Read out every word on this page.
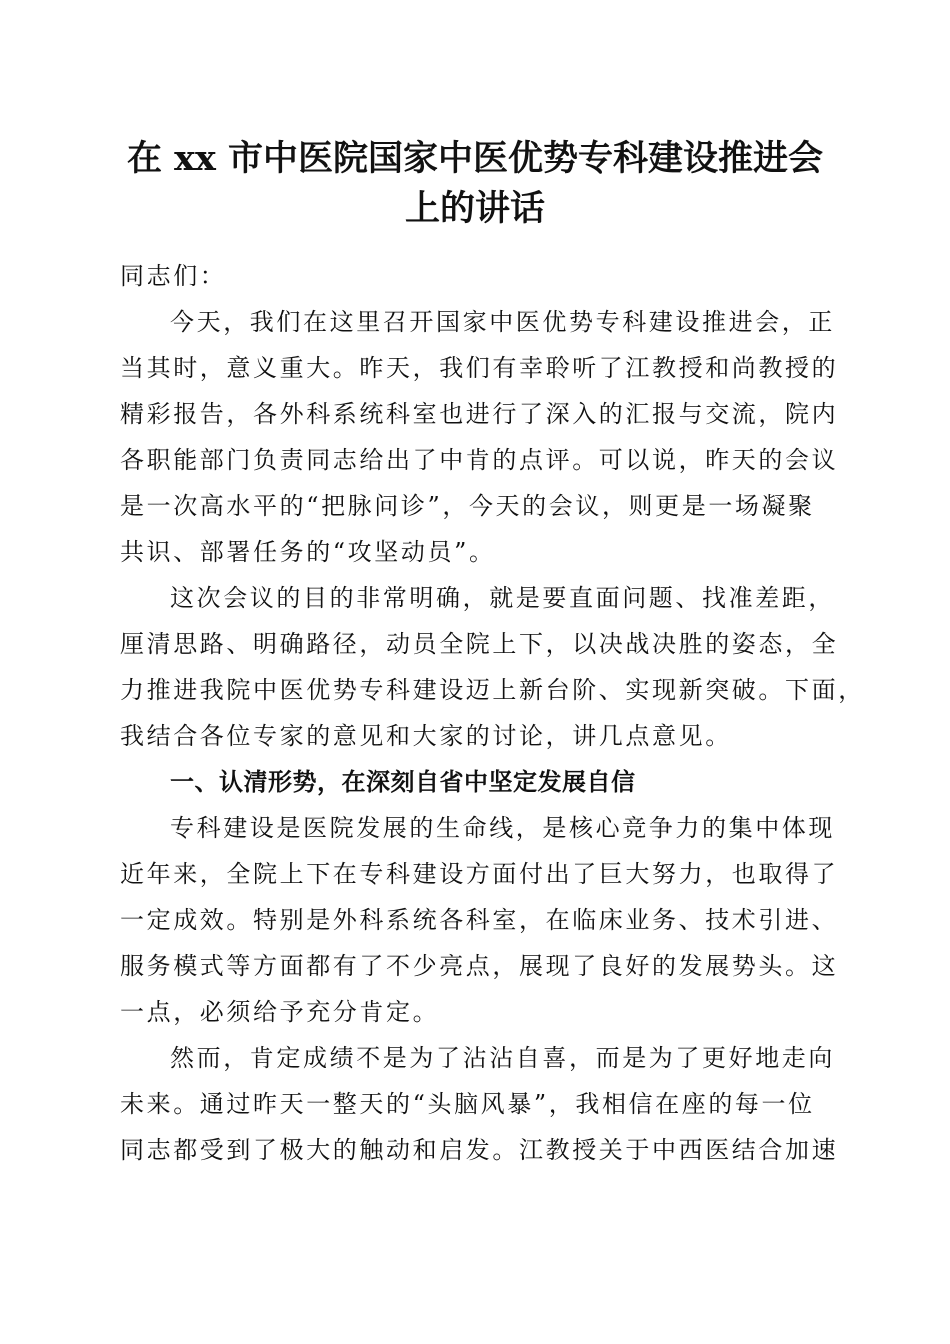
在 xx 市中医院国家中医优势专科建设推进会
上的讲话

同志们：

今天，我们在这里召开国家中医优势专科建设推进会，正
当其时，意义重大。昨天，我们有幸聆听了江教授和尚教授的
精彩报告，各外科系统科室也进行了深入的汇报与交流，院内
各职能部门负责同志给出了中肯的点评。可以说，昨天的会议
是一次高水平的“把脉问诊”，今天的会议，则更是一场凝聚
共识、部署任务的“攻坚动员”。

这次会议的目的非常明确，就是要直面问题、找准差距，
厘清思路、明确路径，动员全院上下，以决战决胜的姿态，全
力推进我院中医优势专科建设迈上新台阶、实现新突破。下面，
我结合各位专家的意见和大家的讨论，讲几点意见。

一、认清形势，在深刻自省中坚定发展自信

专科建设是医院发展的生命线，是核心竞争力的集中体现
近年来，全院上下在专科建设方面付出了巨大努力，也取得了
一定成效。特别是外科系统各科室，在临床业务、技术引进、
服务模式等方面都有了不少亮点，展现了良好的发展势头。这
一点，必须给予充分肯定。

然而，肯定成绩不是为了沾沾自喜，而是为了更好地走向
未来。通过昨天一整天的“头脑风暴”，我相信在座的每一位
同志都受到了极大的触动和启发。江教授关于中西医结合加速
